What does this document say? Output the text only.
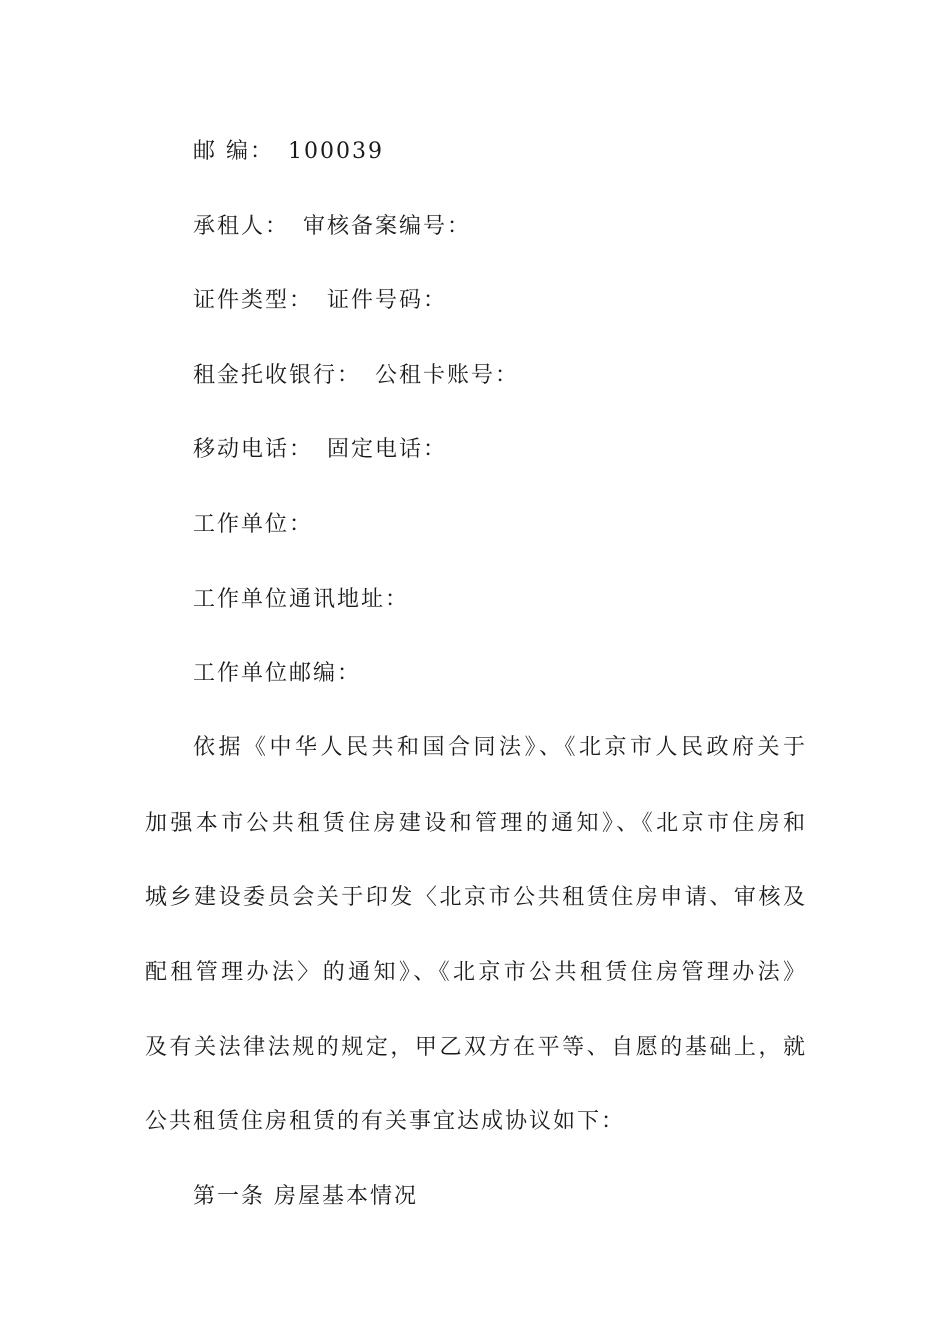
邮 编： 100039
承租人： 审核备案编号：
证件类型： 证件号码：
租金托收银行： 公租卡账号：
移动电话： 固定电话：
工作单位：
工作单位通讯地址：
工作单位邮编：
依据《中华人民共和国合同法》、《北京市人民政府关于
加强本市公共租赁住房建设和管理的通知》、《北京市住房和
城乡建设委员会关于印发〈北京市公共租赁住房申请、审核及
配租管理办法〉的通知》、《北京市公共租赁住房管理办法》
及有关法律法规的规定，甲乙双方在平等、自愿的基础上，就
公共租赁住房租赁的有关事宜达成协议如下：
第一条 房屋基本情况
